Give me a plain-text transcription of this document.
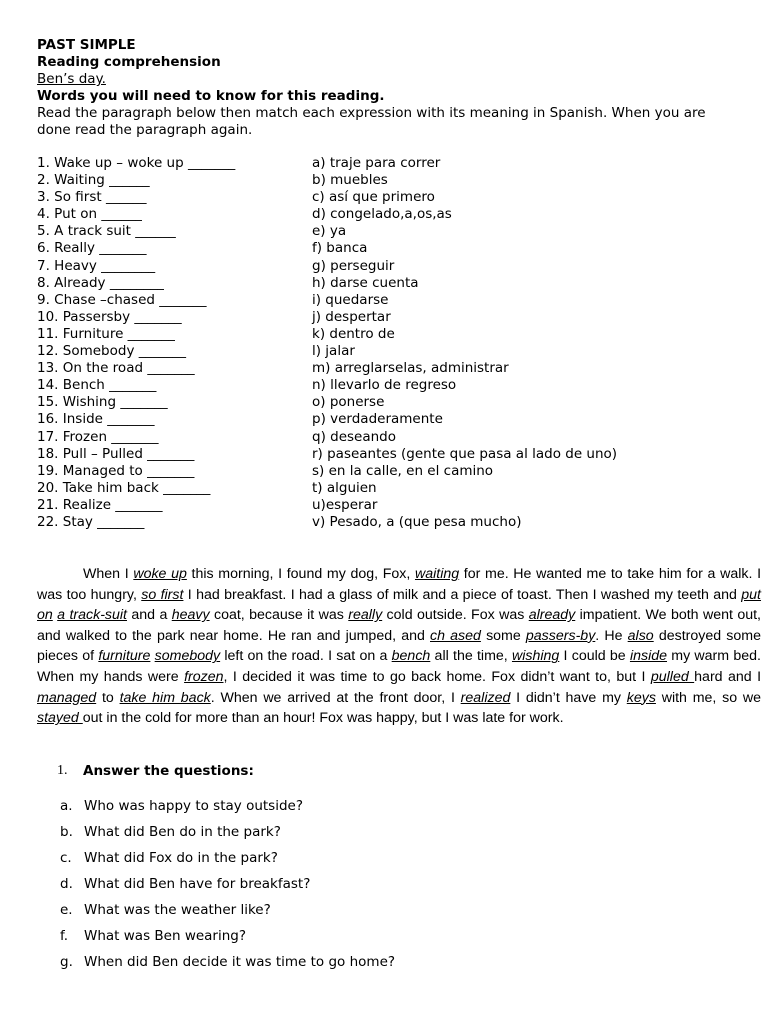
PAST SIMPLE

Reading comprehension

Ben’s day.

Words you will need to know for this reading.

Read the paragraph below then match each expression with its meaning in Spanish. When you are done read the paragraph again.

1. Wake up – woke up _______
2. Waiting ______
3. So first ______
4. Put on ______
5. A track suit ______
6. Really _______
7. Heavy ________
8. Already ________
9. Chase –chased _______
10. Passersby _______
11. Furniture _______
12. Somebody _______
13. On the road _______
14. Bench _______
15. Wishing _______
16. Inside _______
17. Frozen _______
18. Pull – Pulled _______
19. Managed to _______
20. Take him back _______
21. Realize _______
22. Stay _______
a) traje para correr
b) muebles
c) así que primero
d) congelado,a,os,as
e) ya
f) banca
g) perseguir
h) darse cuenta
i) quedarse
j) despertar
k) dentro de
l) jalar
m) arreglarselas, administrar
n) llevarlo de regreso
o) ponerse
p) verdaderamente
q) deseando
r) paseantes (gente que pasa al lado de uno)
s) en la calle, en el camino
t) alguien
u)esperar
v) Pesado, a (que pesa mucho)

When I woke up this morning, I found my dog, Fox, waiting for me. He wanted me to take him for a walk. I was too hungry, so first I had breakfast. I had a glass of milk and a piece of toast. Then I washed my teeth and put on a track-suit and a heavy coat, because it was really cold outside. Fox was already impatient. We both went out, and walked to the park near home. He ran and jumped, and ch ased some passers-by. He also destroyed some pieces of furniture somebody left on the road. I sat on a bench all the time, wishing I could be inside my warm bed. When my hands were frozen, I decided it was time to go back home. Fox didn’t want to, but I pulled hard and I managed to take him back. When we arrived at the front door, I realized I didn’t have my keys with me, so we stayed out in the cold for more than an hour! Fox was happy, but I was late for work.

1.	Answer the questions:
a. Who was happy to stay outside?
b. What did Ben do in the park?
c. What did Fox do in the park?
d. What did Ben have for breakfast?
e. What was the weather like?
f.	What was Ben wearing?
g. When did Ben decide it was time to go home?
